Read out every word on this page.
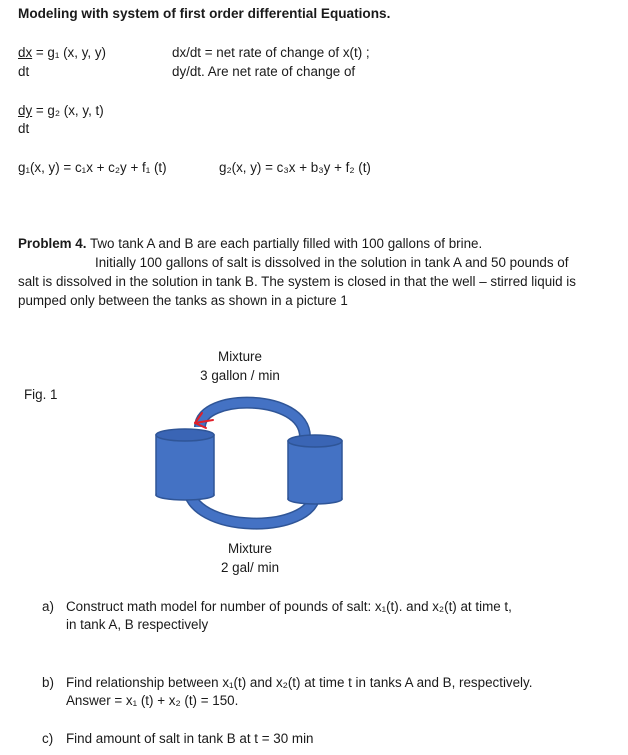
Modeling with system of first order differential Equations.
dx = g₁ (x, y, y)
dt
dx/dt = net rate of change of x(t) ;
dy/dt. Are net rate of change of
dy = g₂ (x, y, t)
dt
g₁(x, y) = c₁x + c₂y + f₁ (t)	g₂(x, y) = c₃x + b₃y + f₂ (t)
Problem 4. Two tank A and B are each partially filled with 100 gallons of brine.
Initially 100 gallons of salt is dissolved in the solution in tank A and 50 pounds of
salt is dissolved in the solution in tank B. The system is closed in that the well – stirred liquid is
pumped only between the tanks as shown in a picture 1
Fig. 1
Mixture
3 gallon / min
Mixture
2 gal/ min
a) Construct math model for number of pounds of salt: x₁(t). and x₂(t) at time t,
in tank A, B respectively
b) Find relationship between x₁(t) and x₂(t) at time t in tanks A and B, respectively.
Answer = x₁ (t) + x₂ (t) = 150.
c) Find amount of salt in tank B at t = 30 min
